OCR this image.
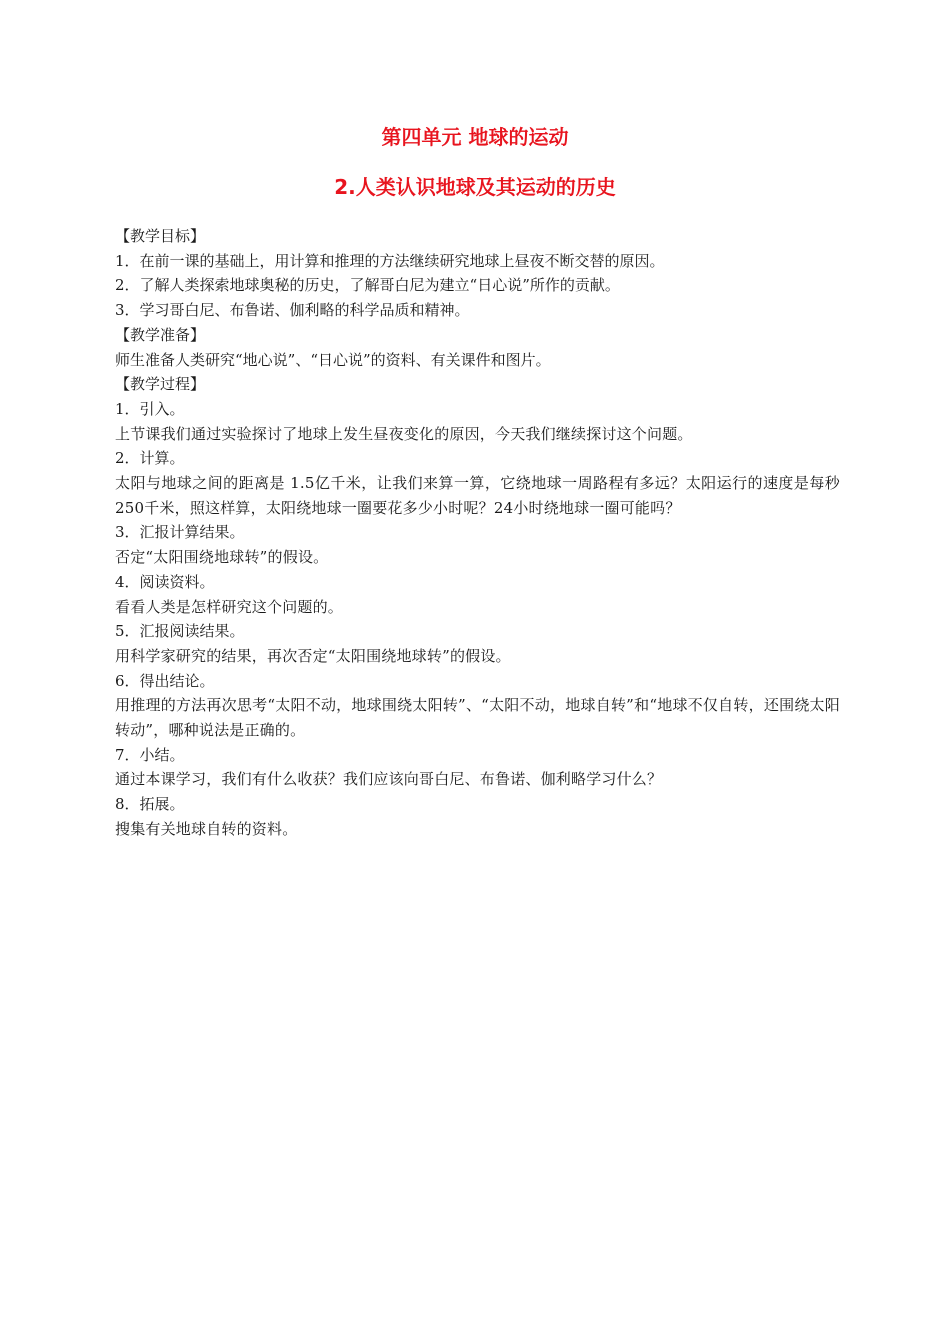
第四单元 地球的运动
2.人类认识地球及其运动的历史

【教学目标】

1．在前一课的基础上，用计算和推理的方法继续研究地球上昼夜不断交替的原因。

2．了解人类探索地球奥秘的历史，了解哥白尼为建立“日心说”所作的贡献。

3．学习哥白尼、布鲁诺、伽利略的科学品质和精神。

【教学准备】

师生准备人类研究“地心说”、“日心说”的资料、有关课件和图片。

【教学过程】

1．引入。

上节课我们通过实验探讨了地球上发生昼夜变化的原因，今天我们继续探讨这个问题。

2．计算。

太阳与地球之间的距离是 1.5亿千米，让我们来算一算，它绕地球一周路程有多远？太阳运行的速度是每秒250千米，照这样算，太阳绕地球一圈要花多少小时呢？24小时绕地球一圈可能吗？

3．汇报计算结果。

否定“太阳围绕地球转”的假设。

4．阅读资料。

看看人类是怎样研究这个问题的。

5．汇报阅读结果。

用科学家研究的结果，再次否定“太阳围绕地球转”的假设。

6．得出结论。

用推理的方法再次思考“太阳不动，地球围绕太阳转”、“太阳不动，地球自转”和“地球不仅自转，还围绕太阳转动”，哪种说法是正确的。

7．小结。

通过本课学习，我们有什么收获？我们应该向哥白尼、布鲁诺、伽利略学习什么？

8．拓展。

搜集有关地球自转的资料。
